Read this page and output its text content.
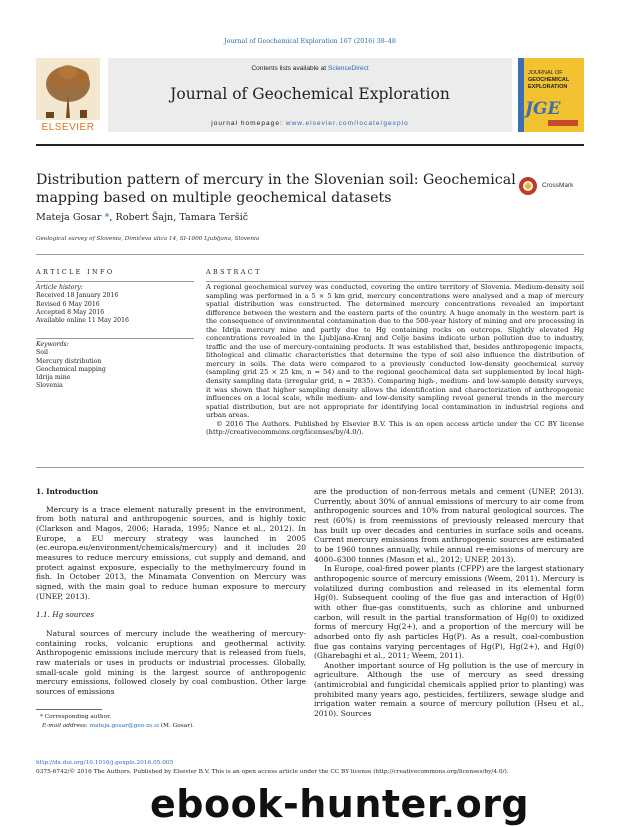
Journal of Geochemical Exploration 167 (2016) 38–48
ELSEVIER
Contents lists available at ScienceDirect
Journal of Geochemical Exploration
journal homepage: www.elsevier.com/locate/gexplo
JOURNAL OF
GEOCHEMICAL
EXPLORATION
JGE
Distribution pattern of mercury in the Slovenian soil: Geochemical mapping based on multiple geochemical datasets
CrossMark
Mateja Gosar *, Robert Šajn, Tamara Teršič
Geological survey of Slovenia, Dimičeva ulica 14, SI-1000 Ljubljana, Slovenia
ARTICLE INFO
Article history:
Received 18 January 2016
Revised 6 May 2016
Accepted 8 May 2016
Available online 11 May 2016
Keywords:
Soil
Mercury distribution
Geochemical mapping
Idrija mine
Slovenia
ABSTRACT
A regional geochemical survey was conducted, covering the entire territory of Slovenia. Medium-density soil sampling was performed in a 5 × 5 km grid, mercury concentrations were analysed and a map of mercury spatial distribution was constructed. The determined mercury concentrations revealed an important difference between the western and the eastern parts of the country. A huge anomaly in the western part is the consequence of environmental contamination due to the 500-year history of mining and ore processing in the Idrija mercury mine and partly due to Hg containing rocks on outcrops. Slightly elevated Hg concentrations revealed in the Ljubljana-Kranj and Celje basins indicate urban pollution due to industry, traffic and the use of mercury-containing products. It was established that, besides anthropogenic impacts, lithological and climatic characteristics that determine the type of soil also influence the distribution of mercury in soils. The data were compared to a previously conducted low-density geochemical survey (sampling grid 25 × 25 km, n = 54) and to the regional geochemical data set supplemented by local high-density sampling data (irregular grid, n = 2835). Comparing high-, medium- and low-sample density surveys, it was shown that higher sampling density allows the identification and characterization of anthropogenic influences on a local scale, while medium- and low-density sampling reveal general trends in the mercury spatial distribution, but are not appropriate for identifying local contamination in industrial regions and urban areas.
© 2016 The Authors. Published by Elsevier B.V. This is an open access article under the CC BY license (http://creativecommons.org/licenses/by/4.0/).

1. Introduction

Mercury is a trace element naturally present in the environment, from both natural and anthropogenic sources, and is highly toxic (Clarkson and Magos, 2006; Harada, 1995; Nance et al., 2012). In Europe, a EU mercury strategy was launched in 2005 (ec.europa.eu/environment/chemicals/mercury) and it includes 20 measures to reduce mercury emissions, cut supply and demand, and protect against exposure, especially to the methylmercury found in fish. In October 2013, the Minamata Convention on Mercury was signed, with the main goal to reduce human exposure to mercury (UNEP, 2013).

1.1. Hg sources

Natural sources of mercury include the weathering of mercury-containing rocks, volcanic eruptions and geothermal activity. Anthropogenic emissions include mercury that is released from fuels, raw materials or uses in products or industrial processes. Globally, small-scale gold mining is the largest source of anthropogenic mercury emissions, followed closely by coal combustion. Other large sources of emissions

* Corresponding author.
E-mail address: mateja.gosar@geo-zs.si (M. Gosar).

are the production of non-ferrous metals and cement (UNEP, 2013). Currently, about 30% of annual emissions of mercury to air come from anthropogenic sources and 10% from natural geological sources. The rest (60%) is from reemissions of previously released mercury that has built up over decades and centuries in surface soils and oceans. Current mercury emissions from anthropogenic sources are estimated to be 1960 tonnes annually, while annual re-emissions of mercury are 4000–6300 tonnes (Mason et al., 2012; UNEP, 2013).

In Europe, coal-fired power plants (CFPP) are the largest stationary anthropogenic source of mercury emissions (Weem, 2011). Mercury is volatilized during combustion and released in its elemental form Hg(0). Subsequent cooling of the flue gas and interaction of Hg(0) with other flue-gas constituents, such as chlorine and unburned carbon, will result in the partial transformation of Hg(0) to oxidized forms of mercury Hg(2+), and a proportion of the mercury will be adsorbed onto fly ash particles Hg(P). As a result, coal-combustion flue gas contains varying percentages of Hg(P), Hg(2+), and Hg(0) (Gharebaghi et al., 2011; Weem, 2011).

Another important source of Hg pollution is the use of mercury in agriculture. Although the use of mercury as seed dressing (antimicrobial and fungicidal chemicals applied prior to planting) was prohibited many years ago, pesticides, fertilizers, sewage sludge and irrigation water remain a source of mercury pollution (Hseu et al., 2010). Sources

http://dx.doi.org/10.1016/j.gexplo.2016.05.005
0375-6742/© 2016 The Authors. Published by Elsevier B.V. This is an open access article under the CC BY license (http://creativecommons.org/licenses/by/4.0/).
ebook-hunter.org
